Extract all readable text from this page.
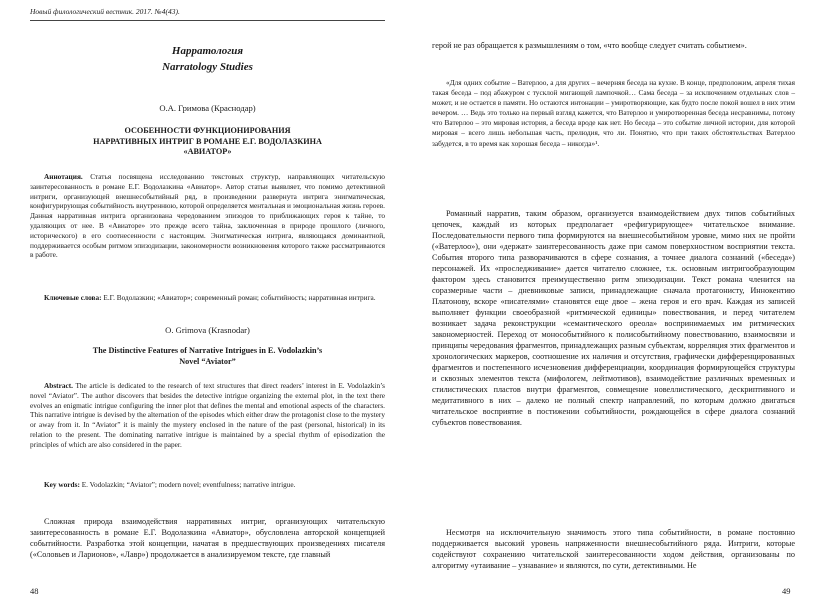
Новый филологический вестник. 2017. №4(43).
Нарратология
Narratology Studies
О.А. Гримова (Краснодар)
ОСОБЕННОСТИ ФУНКЦИОНИРОВАНИЯ НАРРАТИВНЫХ ИНТРИГ В РОМАНЕ Е.Г. ВОДОЛАЗКИНА «АВИАТОР»
Аннотация. Статья посвящена исследованию текстовых структур, направляющих читательскую заинтересованность в романе Е.Г. Водолазкина «Авиатор». Автор статьи выявляет, что помимо детективной интриги, организующей внешнесобытийный ряд, в произведении развернута интрига энигматическая, конфигурирующая событийность внутреннюю, которой определяется ментальная и эмоциональная жизнь героев. Данная нарративная интрига организована чередованием эпизодов то приближающих героя к тайне, то удаляющих от нее. В «Авиаторе» это прежде всего тайна, заключенная в природе прошлого (личного, исторического) в его соотнесенности с настоящим. Энигматическая интрига, являющаяся доминантной, поддерживается особым ритмом эпизодизации, закономерности возникновения которого также рассматриваются в работе.
Ключевые слова: Е.Г. Водолазкин; «Авиатор»; современный роман; событийность; нарративная интрига.
O. Grimova (Krasnodar)
The Distinctive Features of Narrative Intrigues in E. Vodolazkin’s Novel “Aviator”
Abstract. The article is dedicated to the research of text structures that direct readers’ interest in E. Vodolazkin’s novel “Aviator”. The author discovers that besides the detective intrigue organizing the external plot, in the text there evolves an enigmatic intrigue configuring the inner plot that defines the mental and emotional aspects of the characters. This narrative intrigue is devised by the alternation of the episodes which either draw the protagonist close to the mystery or away from it. In “Aviator” it is mainly the mystery enclosed in the nature of the past (personal, historical) in its relation to the present. The dominating narrative intrigue is maintained by a special rhythm of episodization the principles of which are also considered in the paper.
Key words: E. Vodolazkin; “Aviator”; modern novel; eventfulness; narrative intrigue.
Сложная природа взаимодействия нарративных интриг, организующих читательскую заинтересованность в романе Е.Г. Водолазкина «Авиатор», обусловлена авторской концепцией событийности. Разработка этой концепции, начатая в предшествующих произведениях писателя («Соловьев и Ларионов», «Лавр») продолжается в анализируемом тексте, где главный
48
герой не раз обращается к размышлениям о том, «что вообще следует считать событием».
«Для одних событие – Ватерлоо, а для других – вечерняя беседа на кухне. В конце, предположим, апреля тихая такая беседа – под абажуром с тусклой мигающей лампочкой… Сама беседа – за исключением отдельных слов – может, и не остается в памяти. Но остаются интонации – умиротворяющие, как будто после покой вошел в них этим вечером. … Ведь это только на первый взгляд кажется, что Ватерлоо и умиротворенная беседа несравнимы, потому что Ватерлоо – это мировая история, а беседа вроде как нет. Но беседа – это событие личной истории, для которой мировая – всего лишь небольшая часть, прелюдия, что ли. Понятно, что при таких обстоятельствах Ватерлоо забудется, в то время как хорошая беседа – никогда»¹.
Романный нарратив, таким образом, организуется взаимодействием двух типов событийных цепочек, каждый из которых предполагает «рефигурирующее» читательское внимание. Последовательности первого типа формируются на внешнесобытийном уровне, мимо них не пройти («Ватерлоо»), они «держат» заинтересованность даже при самом поверхностном восприятии текста. События второго типа разворачиваются в сфере сознания, а точнее диалога сознаний («беседа») персонажей. Их «проследживание» дается читателю сложнее, т.к. основным интригообразующим фактором здесь становится преимущественно ритм эпизодизации. Текст романа членится на соразмерные части – дневниковые записи, принадлежащие сначала протагонисту, Иннокентию Платонову, вскоре «писателями» становятся еще двое – жена героя и его врач. Каждая из записей выполняет функции своеобразной «ритмической единицы» повествования, и перед читателем возникает задача реконструкции «семантического ореола» воспринимаемых им ритмических закономерностей. Переход от монособытийного к полисобытийному повествованию, взаимосвязи и принципы чередования фрагментов, принадлежащих разным субъектам, корреляция этих фрагментов и хронологических маркеров, соотношение их наличия и отсутствия, графически дифференцированных фрагментов и постепенного исчезновения дифференциации, координация формирующейся структуры и сквозных элементов текста (мифологем, лейтмотивов), взаимодействие различных временных и стилистических пластов внутри фрагментов, совмещение новеллистического, дескриптивного и медитативного в них – далеко не полный спектр направлений, по которым должно двигаться читательское восприятие в постижении событийности, рождающейся в сфере диалога сознаний субъектов повествования.
Несмотря на исключительную значимость этого типа событийности, в романе постоянно поддерживается высокий уровень напряженности внешнесобытийного ряда. Интриги, которые содействуют сохранению читательской заинтересованности ходом действия, организованы по алгоритму «утаивание – узнавание» и являются, по сути, детективными. Не
49
